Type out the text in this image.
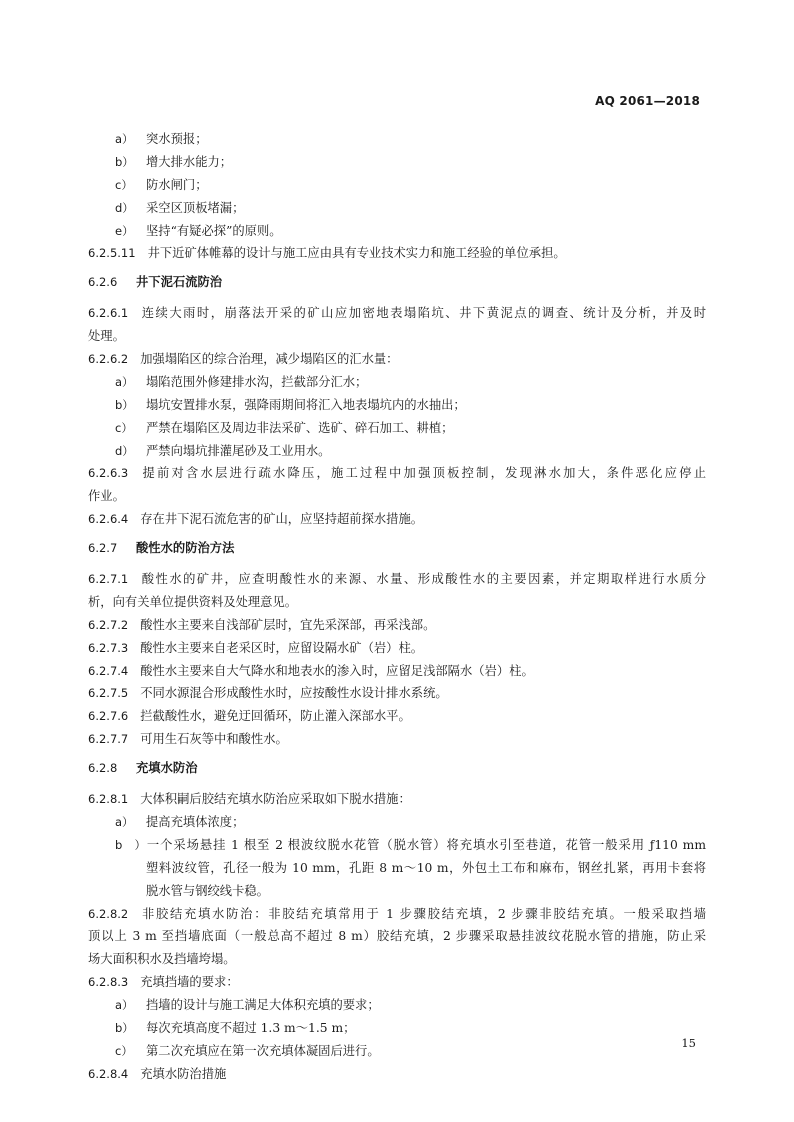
AQ 2061—2018
a） 突水预报；
b） 增大排水能力；
c） 防水闸门；
d） 采空区顶板堵漏；
e） 坚持“有疑必探”的原则。
6.2.5.11 井下近矿体帷幕的设计与施工应由具有专业技术实力和施工经验的单位承担。
6.2.6 井下泥石流防治
6.2.6.1 连续大雨时，崩落法开采的矿山应加密地表塌陷坑、井下黄泥点的调查、统计及分析，并及时
处理。
6.2.6.2 加强塌陷区的综合治理，减少塌陷区的汇水量：
a） 塌陷范围外修建排水沟，拦截部分汇水；
b） 塌坑安置排水泵，强降雨期间将汇入地表塌坑内的水抽出；
c） 严禁在塌陷区及周边非法采矿、选矿、碎石加工、耕植；
d） 严禁向塌坑排灌尾砂及工业用水。
6.2.6.3 提前对含水层进行疏水降压，施工过程中加强顶板控制，发现淋水加大，条件恶化应停止
作业。
6.2.6.4 存在井下泥石流危害的矿山，应坚持超前探水措施。
6.2.7 酸性水的防治方法
6.2.7.1 酸性水的矿井，应查明酸性水的来源、水量、形成酸性水的主要因素，并定期取样进行水质分
析，向有关单位提供资料及处理意见。
6.2.7.2 酸性水主要来自浅部矿层时，宜先采深部，再采浅部。
6.2.7.3 酸性水主要来自老采区时，应留设隔水矿（岩）柱。
6.2.7.4 酸性水主要来自大气降水和地表水的渗入时，应留足浅部隔水（岩）柱。
6.2.7.5 不同水源混合形成酸性水时，应按酸性水设计排水系统。
6.2.7.6 拦截酸性水，避免迂回循环，防止灌入深部水平。
6.2.7.7 可用生石灰等中和酸性水。
6.2.8 充填水防治
6.2.8.1 大体积嗣后胶结充填水防治应采取如下脱水措施：
a） 提高充填体浓度；
b）一个采场悬挂 1 根至 2 根波纹脱水花管（脱水管）将充填水引至巷道，花管一般采用 ƒ110 mm
塑料波纹管，孔径一般为 10 mm，孔距 8 m～10 m，外包土工布和麻布，钢丝扎紧，再用卡套将
脱水管与钢绞线卡稳。
6.2.8.2 非胶结充填水防治：非胶结充填常用于 1 步骤胶结充填，2 步骤非胶结充填。一般采取挡墙
顶以上 3 m 至挡墙底面（一般总高不超过 8 m）胶结充填，2 步骤采取悬挂波纹花脱水管的措施，防止采
场大面积积水及挡墙垮塌。
6.2.8.3 充填挡墙的要求：
a） 挡墙的设计与施工满足大体积充填的要求；
b） 每次充填高度不超过 1.3 m～1.5 m；
c） 第二次充填应在第一次充填体凝固后进行。
6.2.8.4 充填水防治措施
15
